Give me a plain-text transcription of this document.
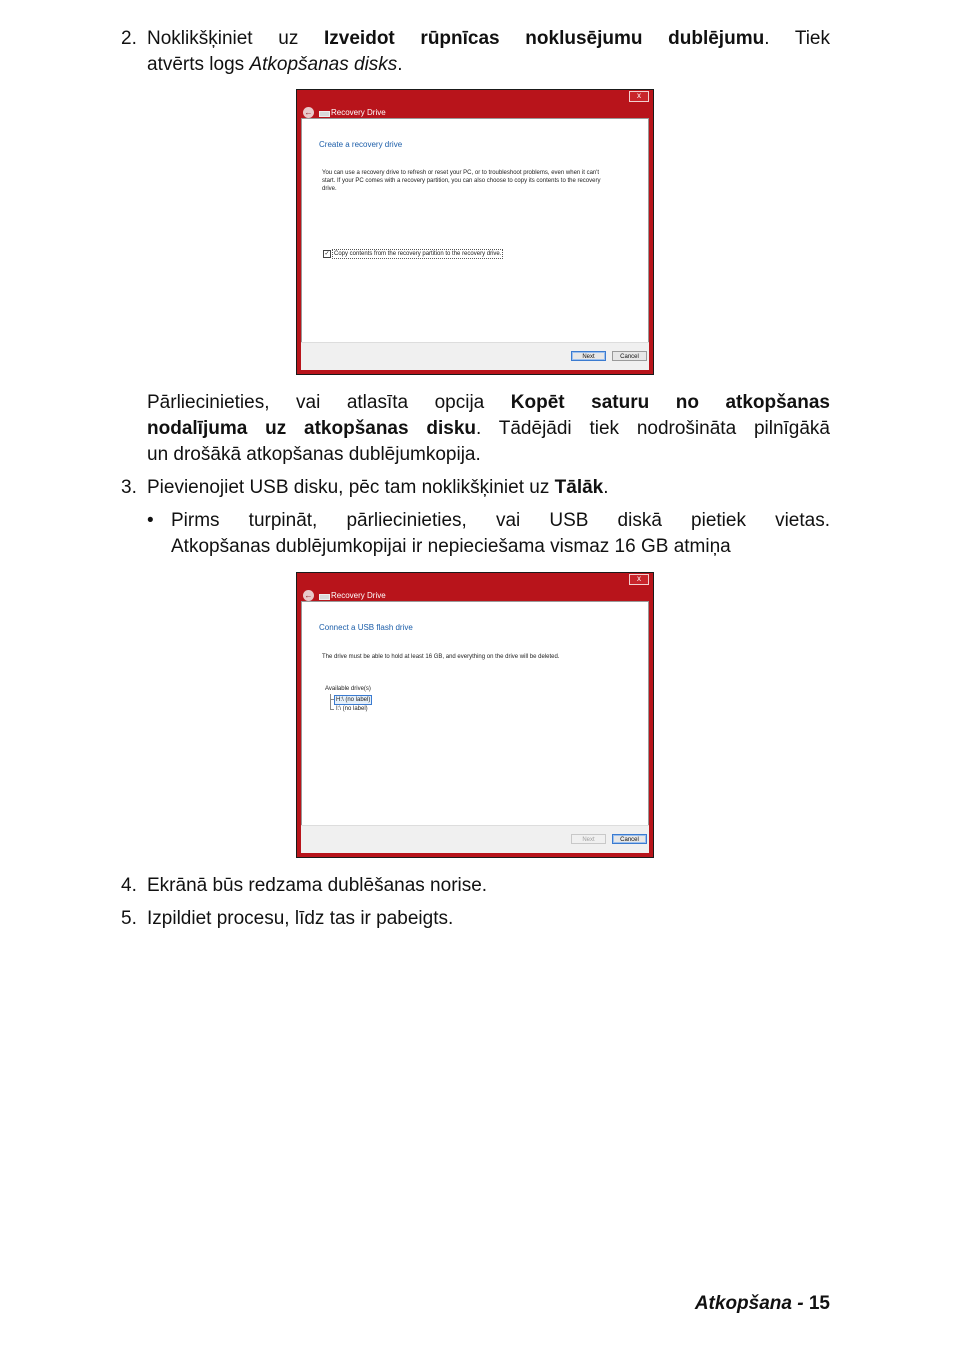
2. Noklikšķiniet uz Izveidot rūpnīcas noklusējumu dublējumu. Tiek

atvērts logs Atkopšanas disks.

x
← Recovery Drive
Create a recovery drive
You can use a recovery drive to refresh or reset your PC, or to troubleshoot problems, even when it can't start. If your PC comes with a recovery partition, you can also choose to copy its contents to the recovery drive.
✓ Copy contents from the recovery partition to the recovery drive.
Next	Cancel

Pārliecinieties, vai atlasīta opcija Kopēt saturu no atkopšanas

nodalījuma uz atkopšanas disku. Tādējādi tiek nodrošināta pilnīgākā

un drošākā atkopšanas dublējumkopija.

3. Pievienojiet USB disku, pēc tam noklikšķiniet uz Tālāk.

• Pirms turpināt, pārliecinieties, vai USB diskā pietiek vietas.

Atkopšanas dublējumkopijai ir nepieciešama vismaz 16 GB atmiņa

x
← Recovery Drive
Connect a USB flash drive
The drive must be able to hold at least 16 GB, and everything on the drive will be deleted.
Available drive(s)
H:\ (no label)
I:\ (no label)
Next	Cancel
4. Ekrānā būs redzama dublēšanas norise.

5. Izpildiet procesu, līdz tas ir pabeigts.

Atkopšana - 15
